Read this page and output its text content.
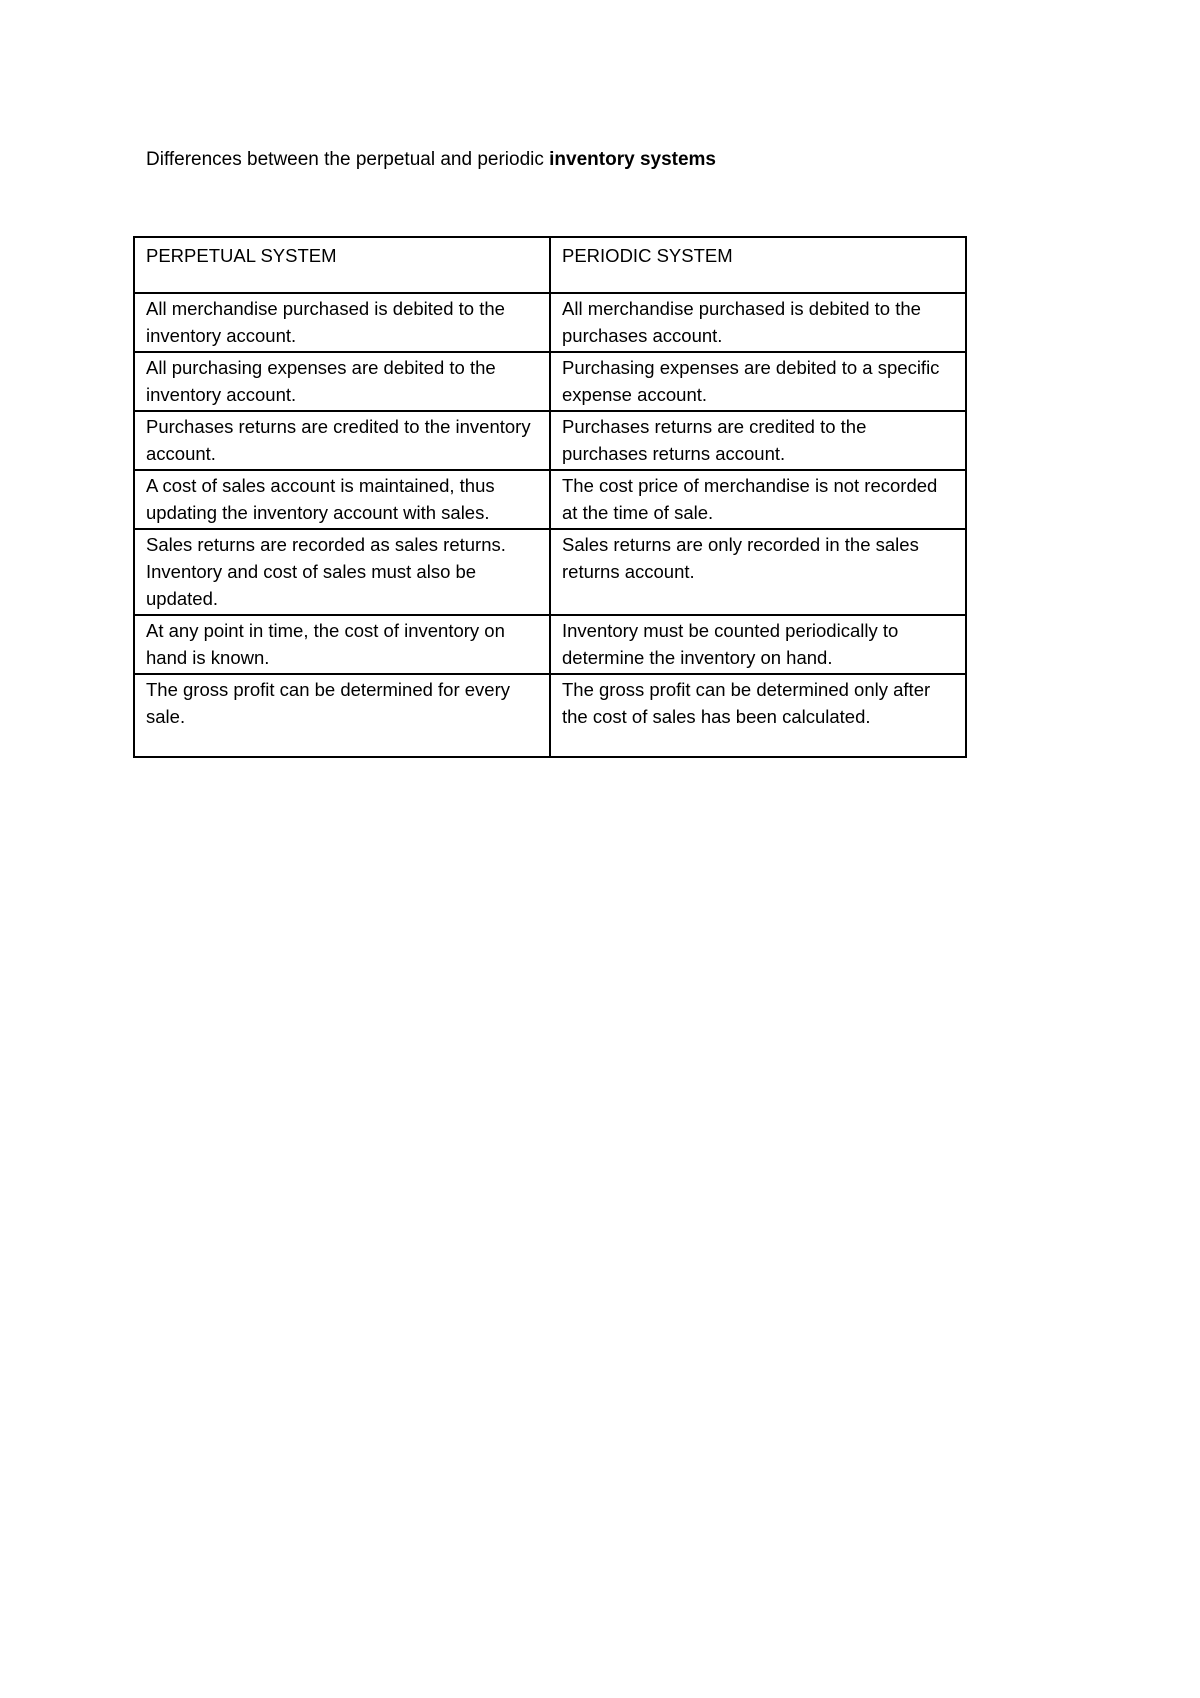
Differences between the perpetual and periodic inventory systems
PERPETUAL SYSTEM	PERIODIC SYSTEM
All merchandise purchased is debited to the inventory account.	All merchandise purchased is debited to the purchases account.
All purchasing expenses are debited to the inventory account.	Purchasing expenses are debited to a specific expense account.
Purchases returns are credited to the inventory account.	Purchases returns are credited to the purchases returns account.
A cost of sales account is maintained, thus updating the inventory account with sales.	The cost price of merchandise is not recorded at the time of sale.
Sales returns are recorded as sales returns. Inventory and cost of sales must also be updated.	Sales returns are only recorded in the sales returns account.
At any point in time, the cost of inventory on hand is known.	Inventory must be counted periodically to determine the inventory on hand.
The gross profit can be determined for every sale.	The gross profit can be determined only after the cost of sales has been calculated.
